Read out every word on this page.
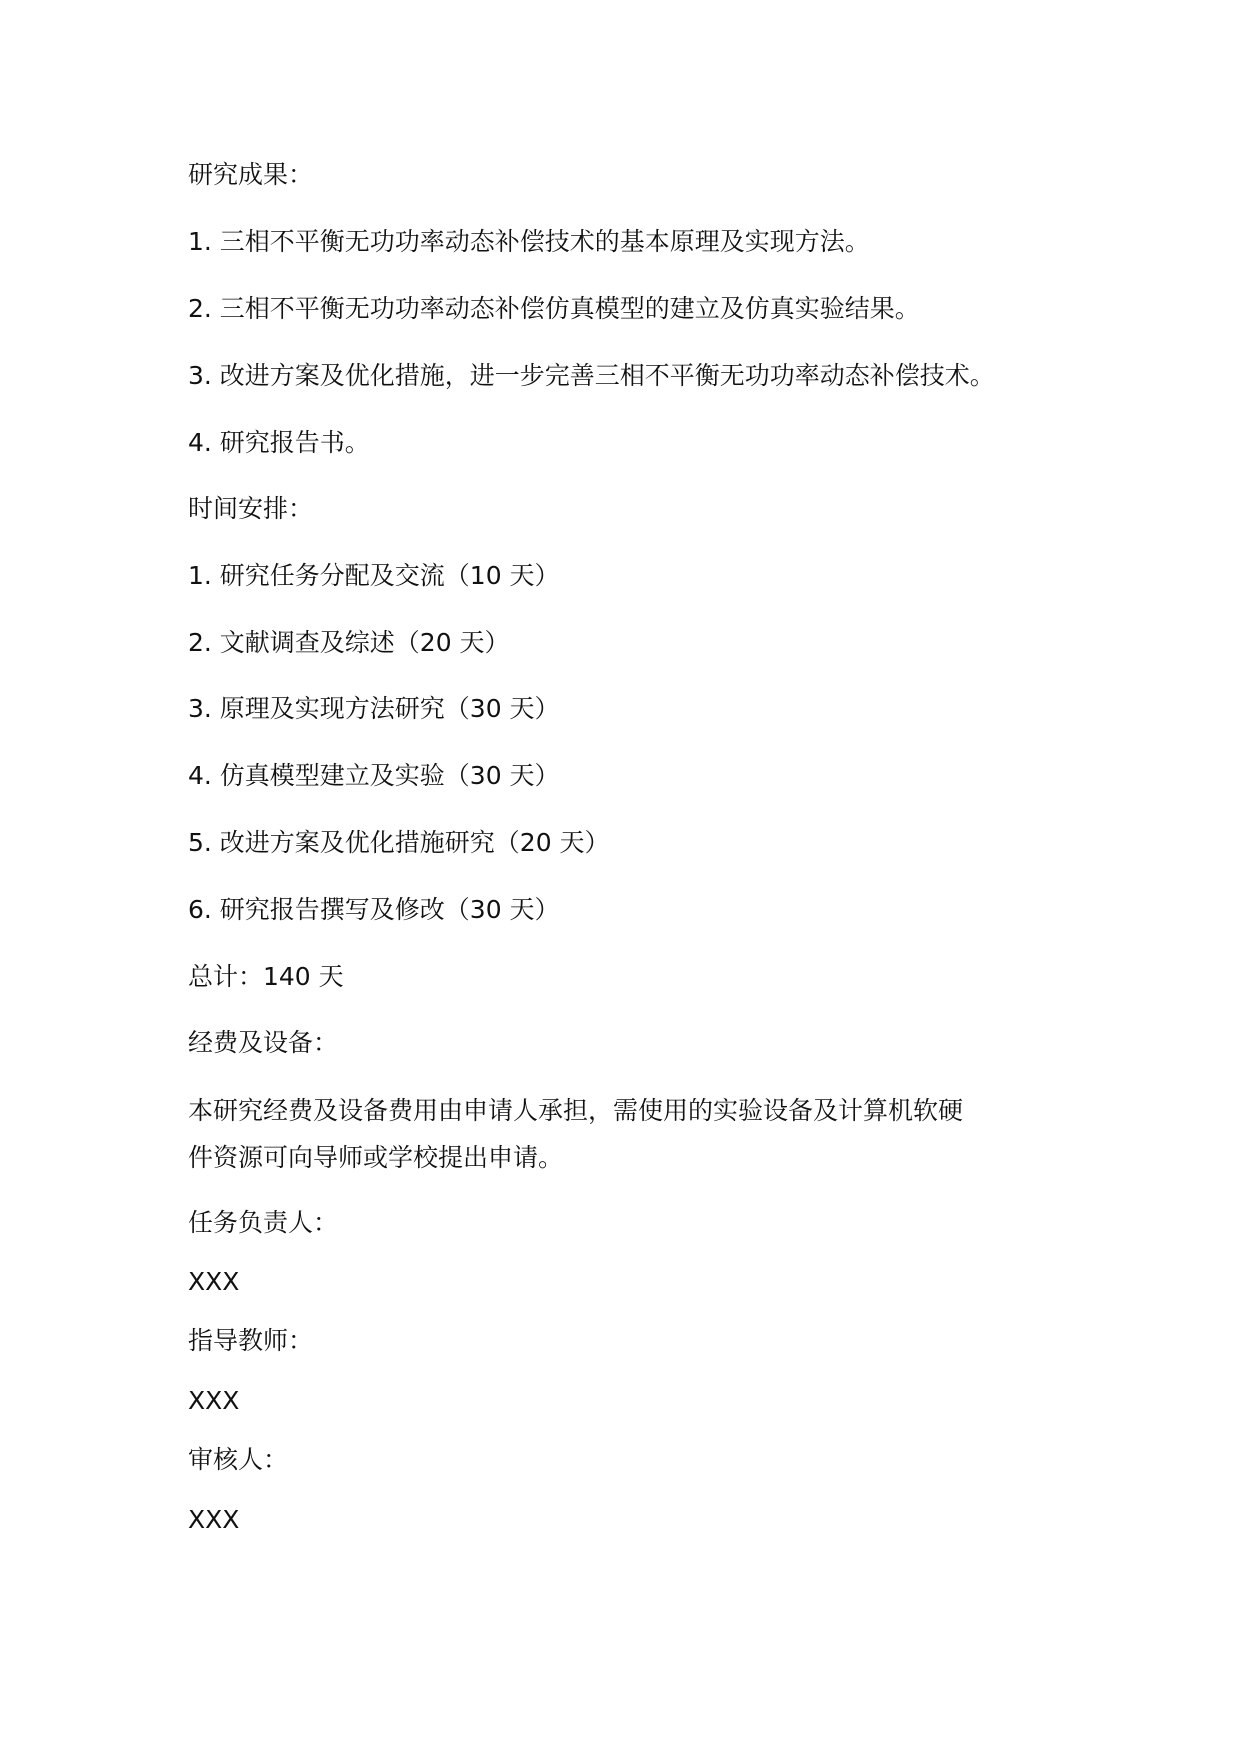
研究成果：
1. 三相不平衡无功功率动态补偿技术的基本原理及实现方法。
2. 三相不平衡无功功率动态补偿仿真模型的建立及仿真实验结果。
3. 改进方案及优化措施，进一步完善三相不平衡无功功率动态补偿技术。
4. 研究报告书。
时间安排：
1. 研究任务分配及交流（10 天）
2. 文献调查及综述（20 天）
3. 原理及实现方法研究（30 天）
4. 仿真模型建立及实验（30 天）
5. 改进方案及优化措施研究（20 天）
6. 研究报告撰写及修改（30 天）
总计：140 天
经费及设备：
本研究经费及设备费用由申请人承担，需使用的实验设备及计算机软硬
件资源可向导师或学校提出申请。
任务负责人：
XXX
指导教师：
XXX
审核人：
XXX
